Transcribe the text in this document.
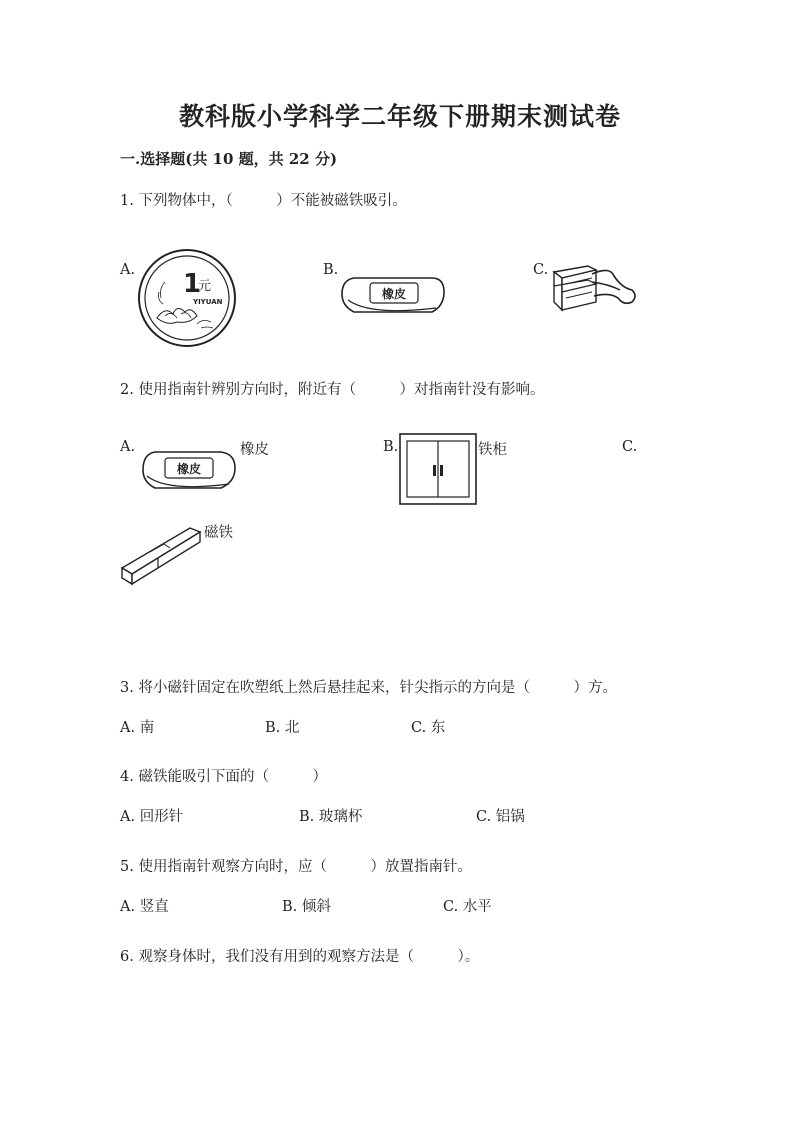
教科版小学科学二年级下册期末测试卷
一.选择题(共 10 题，共 22 分)
1. 下列物体中，（　　　）不能被磁铁吸引。
A.	B.	C.
1
元
YIYUAN
橡皮
2. 使用指南针辨别方向时，附近有（　　　）对指南针没有影响。
A.	橡皮	B.	铁柜	C.
橡皮
磁铁
3. 将小磁针固定在吹塑纸上然后悬挂起来，针尖指示的方向是（　　　）方。
A. 南	B. 北	C. 东
4. 磁铁能吸引下面的（　　　）
A. 回形针	B. 玻璃杯	C. 铝锅
5. 使用指南针观察方向时，应（　　　）放置指南针。
A. 竖直	B. 倾斜	C. 水平
6. 观察身体时，我们没有用到的观察方法是（　　　）。
